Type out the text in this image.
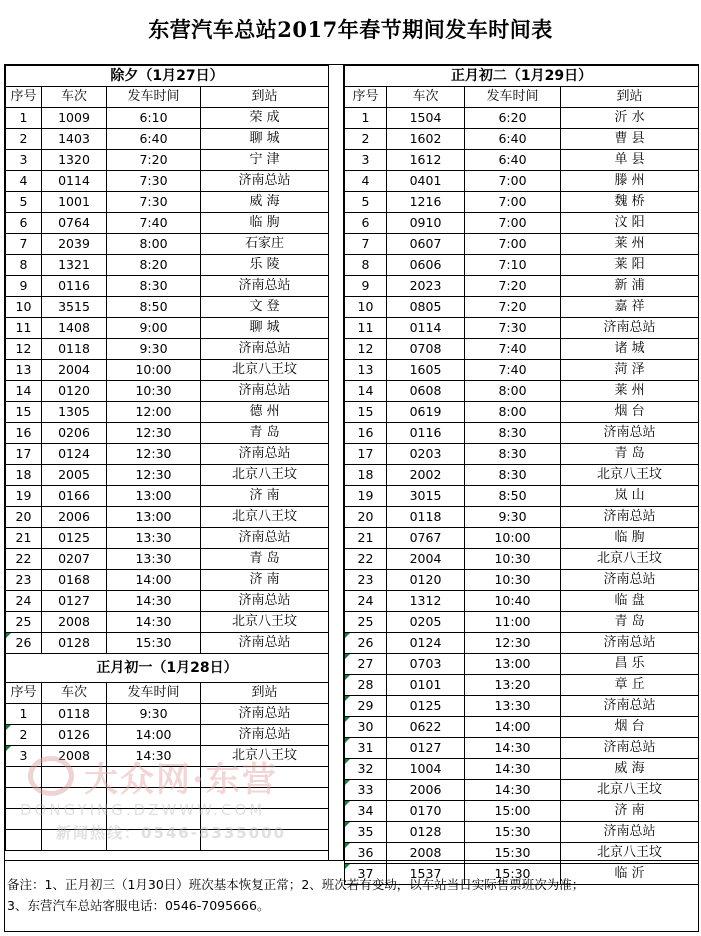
东营汽车总站2017年春节期间发车时间表
除夕（1月27日）			
序号	车次	发车时间	到站
1	1009	6:10	荣 成
2	1403	6:40	聊 城
3	1320	7:20	宁 津
4	0114	7:30	济南总站
5	1001	7:30	威 海
6	0764	7:40	临 朐
7	2039	8:00	石家庄
8	1321	8:20	乐 陵
9	0116	8:30	济南总站
10	3515	8:50	文 登
11	1408	9:00	聊 城
12	0118	9:30	济南总站
13	2004	10:00	北京八王坟
14	0120	10:30	济南总站
15	1305	12:00	德 州
16	0206	12:30	青 岛
17	0124	12:30	济南总站
18	2005	12:30	北京八王坟
19	0166	13:00	济 南
20	2006	13:00	北京八王坟
21	0125	13:30	济南总站
22	0207	13:30	青 岛
23	0168	14:00	济 南
24	0127	14:30	济南总站
25	2008	14:30	北京八王坟
26	0128	15:30	济南总站
正月初一（1月28日）			
序号	车次	发车时间	到站
1	0118	9:30	济南总站
2	0126	14:00	济南总站
3	2008	14:30	北京八王坟

正月初二（1月29日）			
序号	车次	发车时间	到站
1	1504	6:20	沂 水
2	1602	6:40	曹 县
3	1612	6:40	单 县
4	0401	7:00	滕 州
5	1216	7:00	魏 桥
6	0910	7:00	汶 阳
7	0607	7:00	莱 州
8	0606	7:10	莱 阳
9	2023	7:20	新 浦
10	0805	7:20	嘉 祥
11	0114	7:30	济南总站
12	0708	7:40	诸 城
13	1605	7:40	菏 泽
14	0608	8:00	莱 州
15	0619	8:00	烟 台
16	0116	8:30	济南总站
17	0203	8:30	青 岛
18	2002	8:30	北京八王坟
19	3015	8:50	岚 山
20	0118	9:30	济南总站
21	0767	10:00	临 朐
22	2004	10:30	北京八王坟
23	0120	10:30	济南总站
24	1312	10:40	临 盘
25	0205	11:00	青 岛
26	0124	12:30	济南总站
27	0703	13:00	昌 乐
28	0101	13:20	章 丘
29	0125	13:30	济南总站
30	0622	14:00	烟 台
31	0127	14:30	济南总站
32	1004	14:30	威 海
33	2006	14:30	北京八王坟
34	0170	15:00	济 南
35	0128	15:30	济南总站
36	2008	15:30	北京八王坟
37	1537	15:30	临 沂
备注：1、正月初三（1月30日）班次基本恢复正常；2、班次若有变动，以车站当日实际售票班次为准；
3、东营汽车总站客服电话：0546-7095666。
大众网·东营
DONGYING.DZWWW.COM
新闻热线：0546-8335000
